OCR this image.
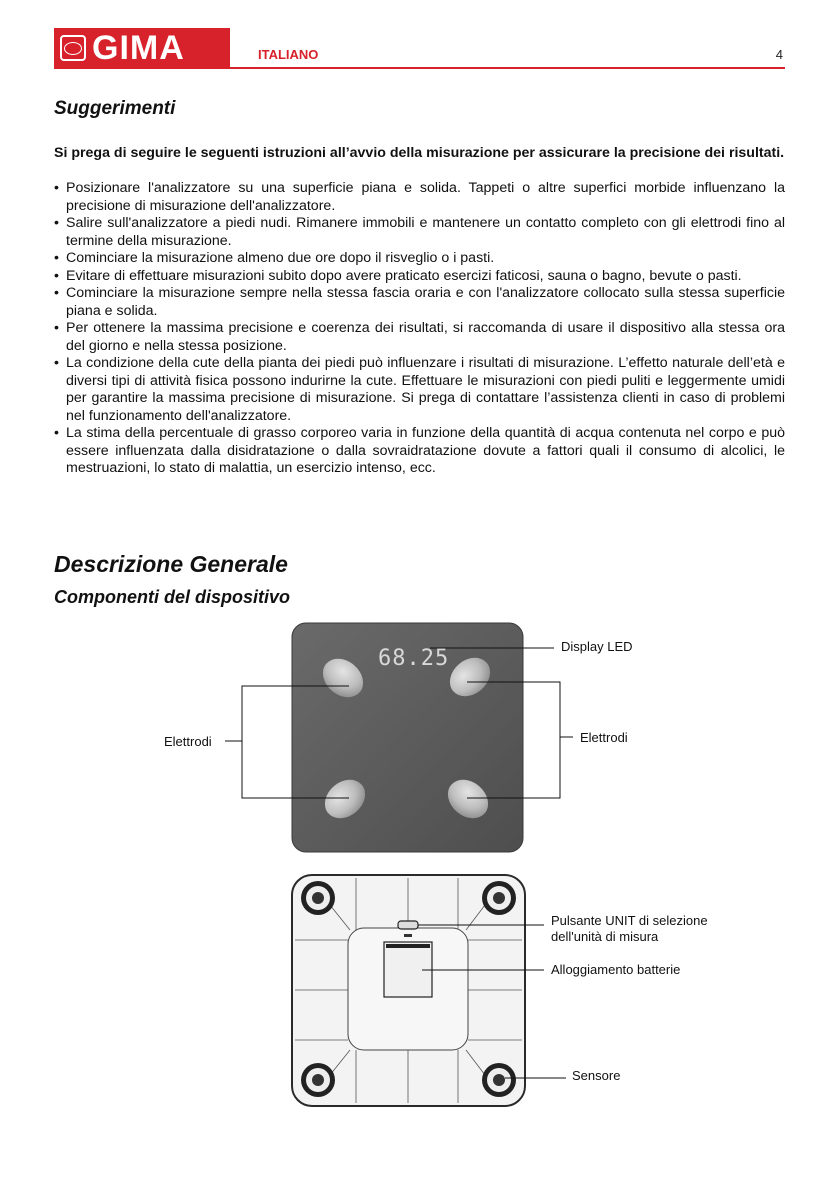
GIMA	ITALIANO	4
Suggerimenti

Si prega di seguire le seguenti istruzioni all’avvio della misurazione per assicurare la precisione dei risultati.

• Posizionare l'analizzatore su una superficie piana e solida. Tappeti o altre superfici morbide influenzano la precisione di misurazione dell'analizzatore.
• Salire sull'analizzatore a piedi nudi. Rimanere immobili e mantenere un contatto completo con gli elettrodi fino al termine della misurazione.
• Cominciare la misurazione almeno due ore dopo il risveglio o i pasti.
• Evitare di effettuare misurazioni subito dopo avere praticato esercizi faticosi, sauna o bagno, bevute o pasti.
• Cominciare la misurazione sempre nella stessa fascia oraria e con l'analizzatore collocato sulla stessa superficie piana e solida.
• Per ottenere la massima precisione e coerenza dei risultati, si raccomanda di usare il dispositivo alla stessa ora del giorno e nella stessa posizione.
• La condizione della cute della pianta dei piedi può influenzare i risultati di misurazione. L’effetto naturale dell’età e diversi tipi di attività fisica possono indurirne la cute. Effettuare le misurazioni con piedi puliti e leggermente umidi per garantire la massima precisione di misurazione. Si prega di contattare l’assistenza clienti in caso di problemi nel funzionamento dell'analizzatore.
• La stima della percentuale di grasso corporeo varia in funzione della quantità di acqua contenuta nel corpo e può essere influenzata dalla disidratazione o dalla sovraidratazione dovute a fattori quali il consumo di alcolici, le mestruazioni, lo stato di malattia, un esercizio intenso, ecc.
Descrizione Generale
Componenti del dispositivo
68.25	Display LED
Elettrodi	Elettrodi
Pulsante UNIT di selezione
dell'unità di misura
Alloggiamento batterie
Sensore
